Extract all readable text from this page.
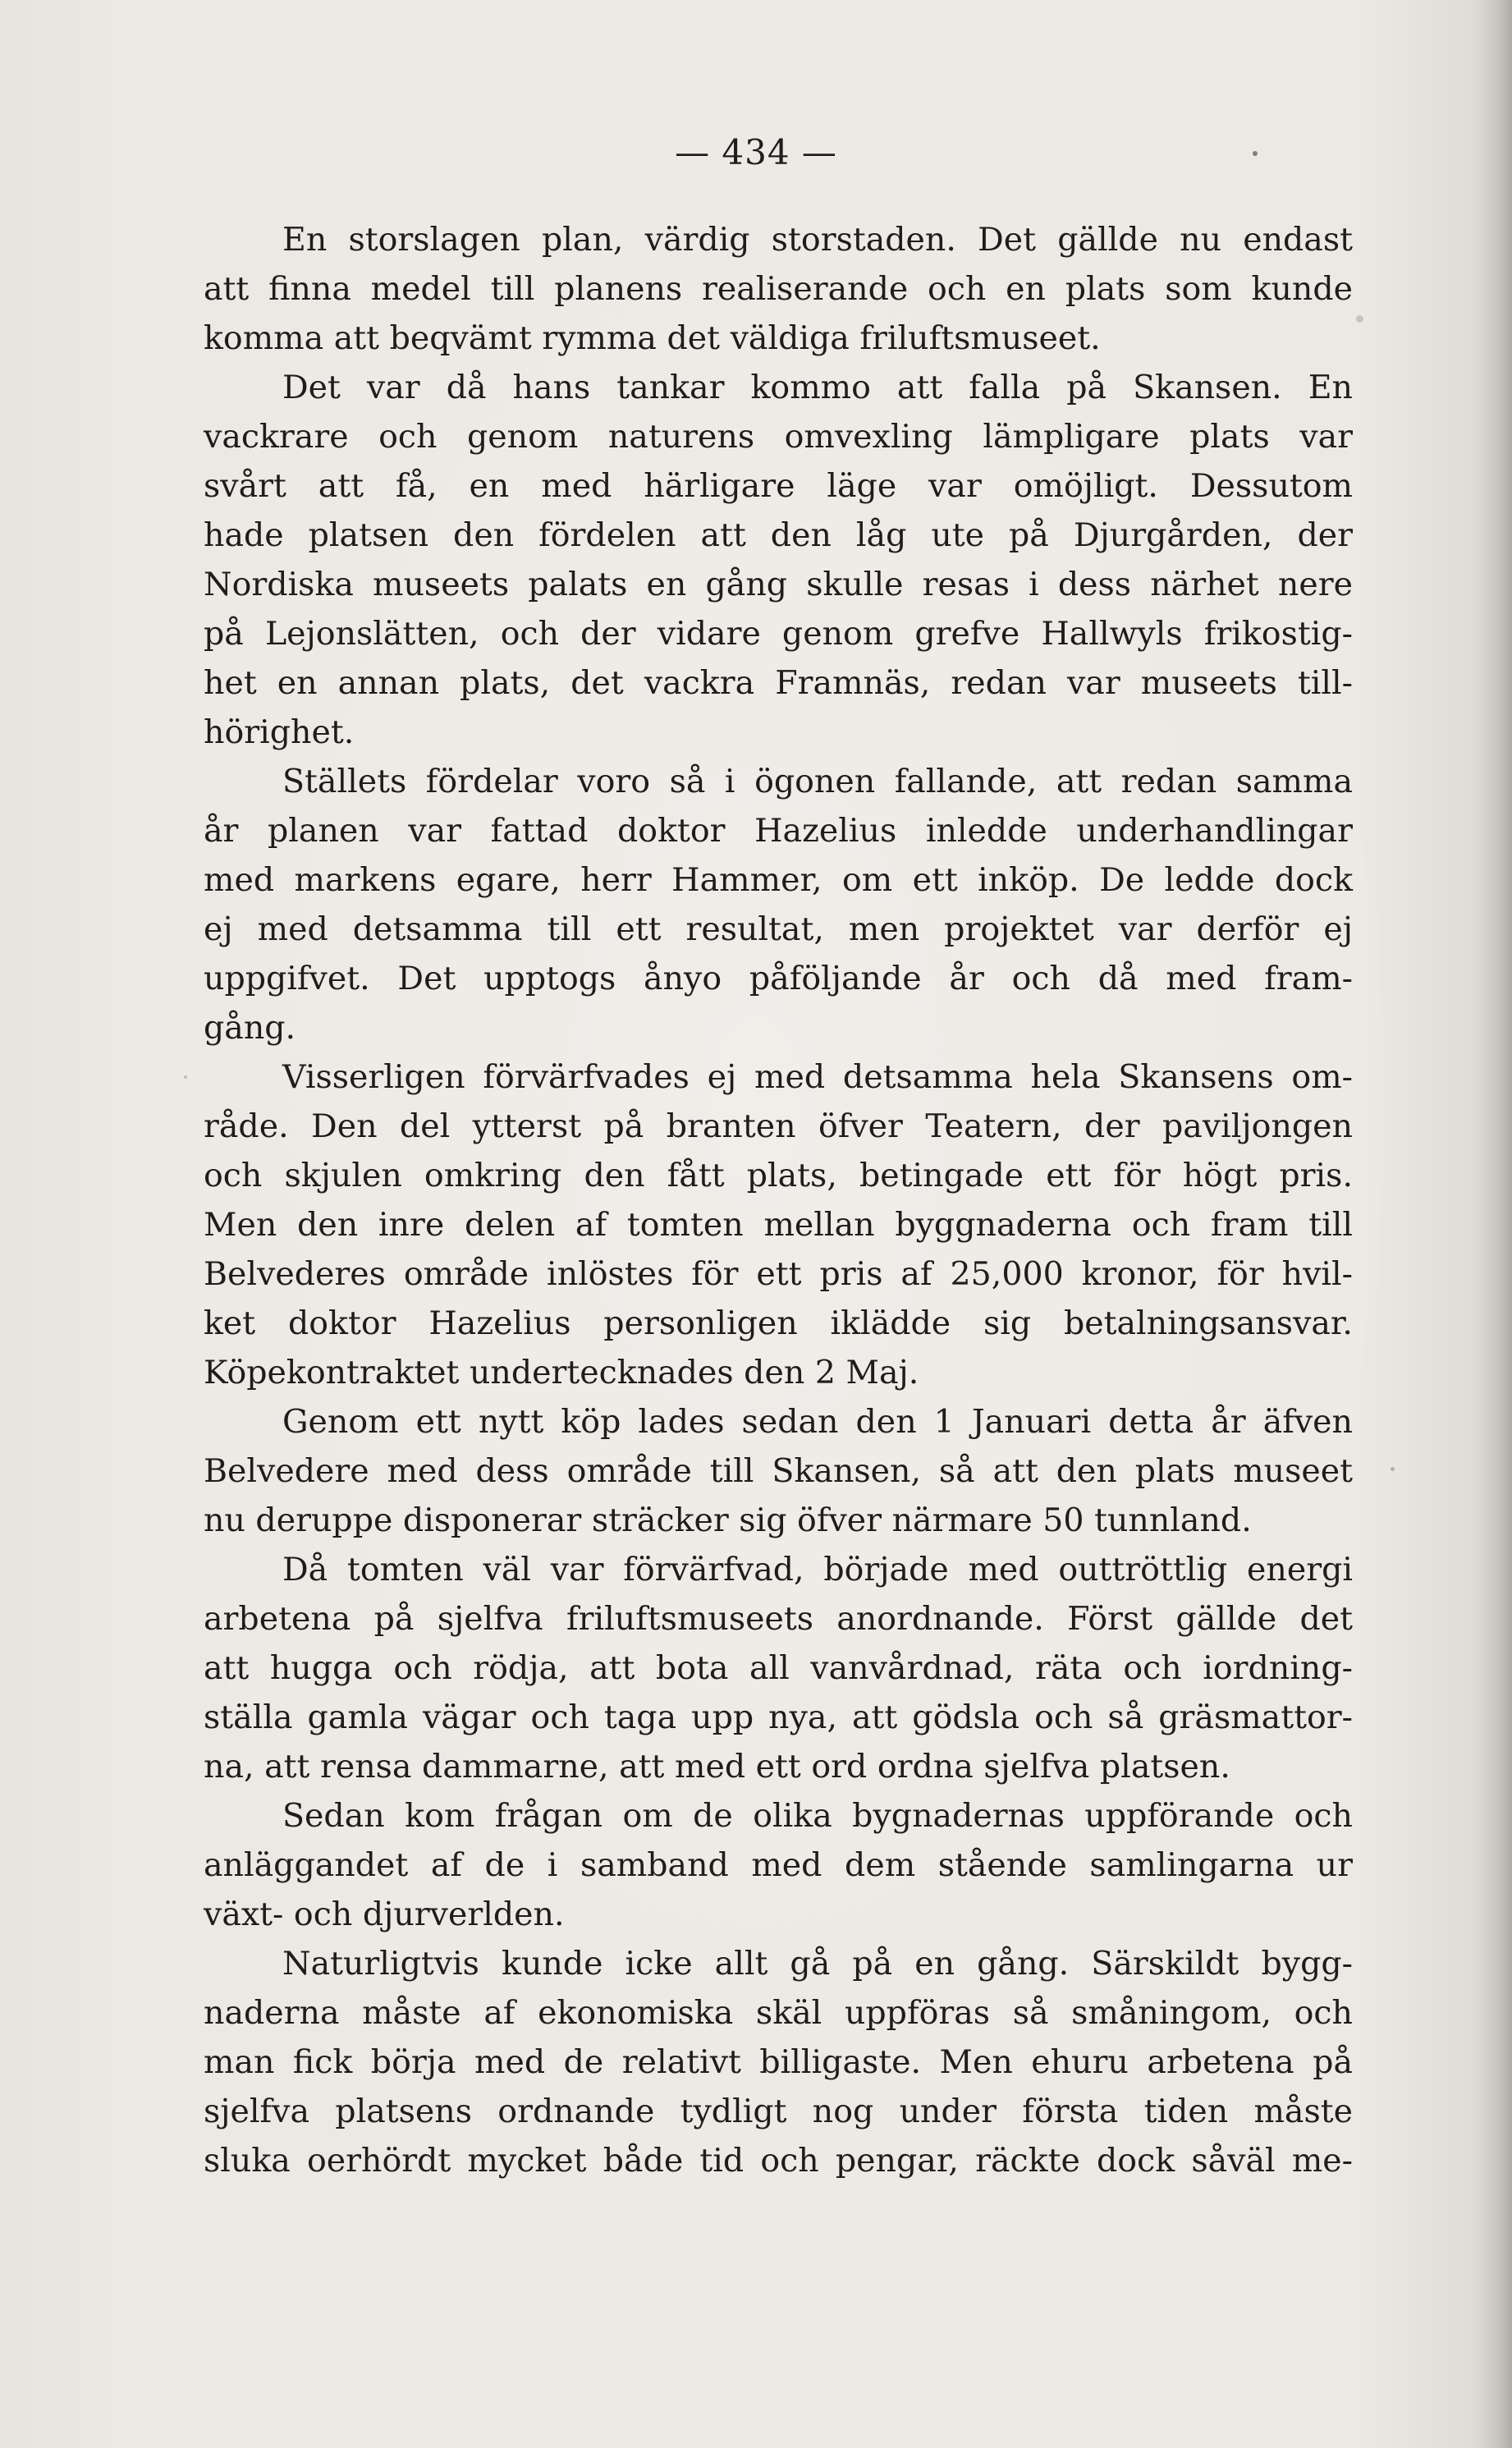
— 434 —
En storslagen plan, värdig storstaden. Det gällde nu endast
att finna medel till planens realiserande och en plats som kunde
komma att beqvämt rymma det väldiga friluftsmuseet.
Det var då hans tankar kommo att falla på Skansen. En
vackrare och genom naturens omvexling lämpligare plats var
svårt att få, en med härligare läge var omöjligt. Dessutom
hade platsen den fördelen att den låg ute på Djurgården, der
Nordiska museets palats en gång skulle resas i dess närhet nere
på Lejonslätten, och der vidare genom grefve Hallwyls frikostig-
het en annan plats, det vackra Framnäs, redan var museets till-
hörighet.
Ställets fördelar voro så i ögonen fallande, att redan samma
år planen var fattad doktor Hazelius inledde underhandlingar
med markens egare, herr Hammer, om ett inköp. De ledde dock
ej med detsamma till ett resultat, men projektet var derför ej
uppgifvet. Det upptogs ånyo påföljande år och då med fram-
gång.
Visserligen förvärfvades ej med detsamma hela Skansens om-
råde. Den del ytterst på branten öfver Teatern, der paviljongen
och skjulen omkring den fått plats, betingade ett för högt pris.
Men den inre delen af tomten mellan byggnaderna och fram till
Belvederes område inlöstes för ett pris af 25,000 kronor, för hvil-
ket doktor Hazelius personligen iklädde sig betalningsansvar.
Köpekontraktet undertecknades den 2 Maj.
Genom ett nytt köp lades sedan den 1 Januari detta år äfven
Belvedere med dess område till Skansen, så att den plats museet
nu deruppe disponerar sträcker sig öfver närmare 50 tunnland.
Då tomten väl var förvärfvad, började med outtröttlig energi
arbetena på sjelfva friluftsmuseets anordnande. Först gällde det
att hugga och rödja, att bota all vanvårdnad, räta och iordning-
ställa gamla vägar och taga upp nya, att gödsla och så gräsmattor-
na, att rensa dammarne, att med ett ord ordna sjelfva platsen.
Sedan kom frågan om de olika bygnadernas uppförande och
anläggandet af de i samband med dem stående samlingarna ur
växt- och djurverlden.
Naturligtvis kunde icke allt gå på en gång. Särskildt bygg-
naderna måste af ekonomiska skäl uppföras så småningom, och
man fick börja med de relativt billigaste. Men ehuru arbetena på
sjelfva platsens ordnande tydligt nog under första tiden måste
sluka oerhördt mycket både tid och pengar, räckte dock såväl me-
